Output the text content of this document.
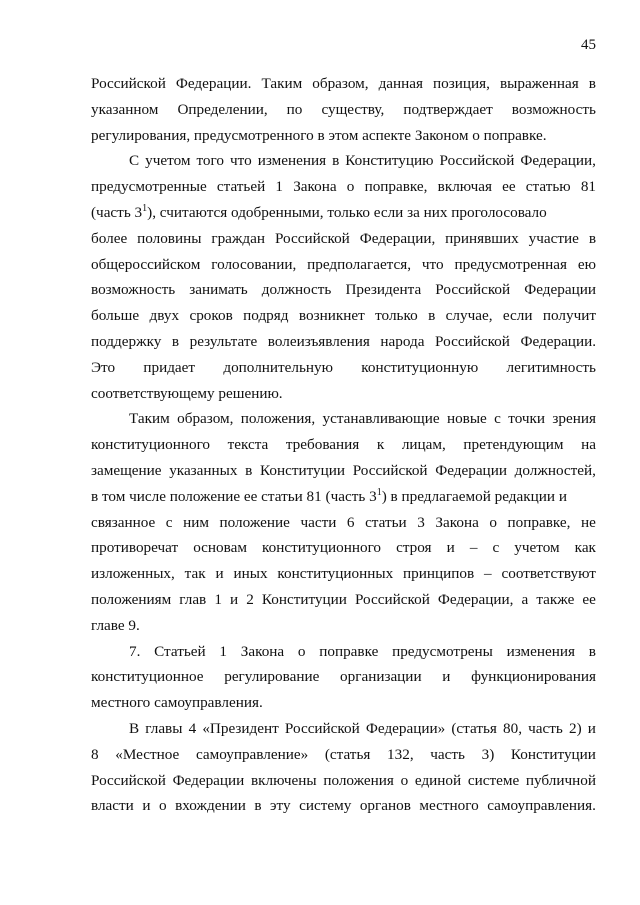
45
Российской Федерации. Таким образом, данная позиция, выраженная в
указанном Определении, по существу, подтверждает возможность
регулирования, предусмотренного в этом аспекте Законом о поправке.
С учетом того что изменения в Конституцию Российской Федерации,
предусмотренные статьей 1 Закона о поправке, включая ее статью 81
(часть $3^1$), считаются одобренными, только если за них проголосовало
более половины граждан Российской Федерации, принявших участие в
общероссийском голосовании, предполагается, что предусмотренная ею
возможность занимать должность Президента Российской Федерации
больше двух сроков подряд возникнет только в случае, если получит
поддержку в результате волеизъявления народа Российской Федерации.
Это придает дополнительную конституционную легитимность
соответствующему решению.
Таким образом, положения, устанавливающие новые с точки зрения
конституционного текста требования к лицам, претендующим на
замещение указанных в Конституции Российской Федерации должностей,
в том числе положение ее статьи 81 (часть $3^1$) в предлагаемой редакции и
связанное с ним положение части 6 статьи 3 Закона о поправке, не
противоречат основам конституционного строя и – с учетом как
изложенных, так и иных конституционных принципов – соответствуют
положениям глав 1 и 2 Конституции Российской Федерации, а также ее
главе 9.
7. Статьей 1 Закона о поправке предусмотрены изменения в
конституционное регулирование организации и функционирования
местного самоуправления.
В главы 4 «Президент Российской Федерации» (статья 80, часть 2) и
8 «Местное самоуправление» (статья 132, часть 3) Конституции
Российской Федерации включены положения о единой системе публичной
власти и о вхождении в эту систему органов местного самоуправления.
